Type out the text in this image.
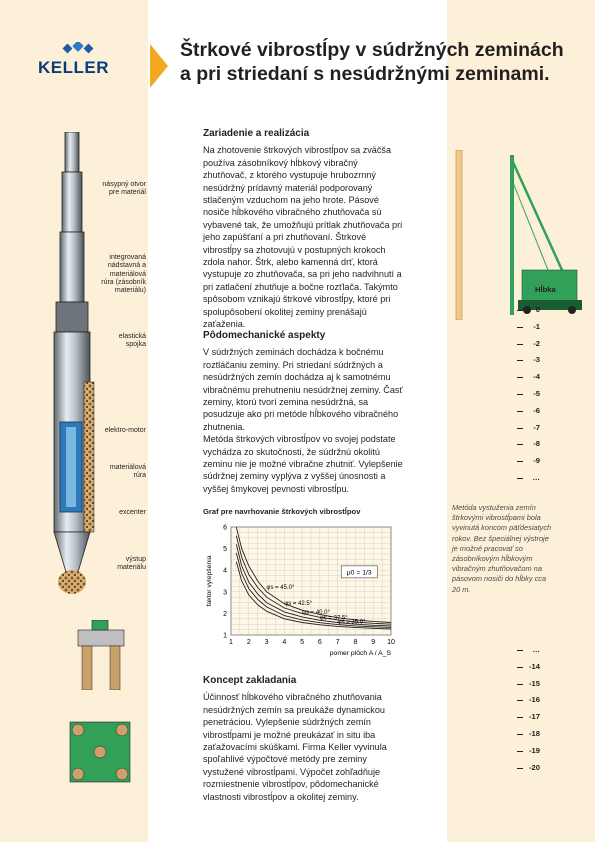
KELLER
Štrkové vibrostĺpy v súdržných zeminách
a pri striedaní s nesúdržnými zeminami.
násypný otvor pre materiál
integrovaná nádstavná a materiálová rúra (zásobník materiálu)
elastická spojka
elektro-motor
materiálová rúra
excenter
výstup materiálu
Zariadenie a realizácia

Na zhotovenie štrkových vibrostĺpov sa zväčša používa zásobníkový hĺbkový vibračný zhutňovač, z ktorého vystupuje hrubozrnný nesúdržný prídavný materiál podporovaný stlačeným vzduchom na jeho hrote. Pásové nosiče hĺbkového vibračného zhutňovača sú vybavené tak, že umožňujú prítlak zhutňovača pri jeho zapúšťaní a pri zhutňovaní. Štrkové vibrostĺpy sa zhotovujú v postupných krokoch zdola nahor. Štrk, alebo kamenná drť, ktorá vystupuje zo zhutňovača, sa pri jeho nadvihnutí a pri zatlačení zhutňuje a bočne rozťlača. Takýmto spôsobom vznikajú štrkové vibrostĺpy, ktoré pri spolupôsobení okolitej zeminy prenášajú zaťaženia.

Pôdomechanické aspekty

V súdržných zeminách dochádza k bočnému roztláčaniu zeminy. Pri striedaní súdržných a nesúdržných zemín dochádza aj k samotnému vibračnému prehutneniu nesúdržnej zeminy. Časť zeminy, ktorú tvorí zemina nesúdržná, sa posudzuje ako pri metóde hĺbkového vibračného zhutnenia.

Metóda štrkových vibrostĺpov vo svojej podstate vychádza zo skutočnosti, že súdržnú okolitú zeminu nie je možné vibračne zhutniť. Vylepšenie súdržnej zeminy vyplýva z vyššej únosnosti a vyššej šmykovej pevnosti vibrostĺpu.

Koncept zakladania

Účinnosť hĺbkového vibračného zhutňovania nesúdržných zemín sa preukáže dynamickou penetráciou. Vylepšenie súdržných zemín vibrostĺpami je možné preukázať in situ iba zaťažovacími skúškami. Firma Keller vyvinula spoľahlivé výpočtové metódy pre zeminy vystužené vibrostĺpami. Výpočet zohľadňuje rozmiestnenie vibrostĺpov, pôdomechanické vlastnosti vibrostĺpov a okolitej zeminy.

Graf pre navrhovanie štrkových vibrostĺpov
1 2 3 4 5 6 7 8 9 10
1
2
3
4
5
6
φs = 45.0°
φs = 42.5°
φs = 40.0°
φs = 37.5°
φs = 35.0°
μ0 = 1/3
pomer plôch A / A_S
faktor vylepšenia
Hĺbka
0
-1
-2
-3
-4
-5
-6
-7
-8
-9
…
…
-14
-15
-16
-17
-18
-19
-20
Metóda vystuženia zemín štrkovými vibrostĺpami bola vyvinutá koncom päťdesiatych rokov. Bez špeciálnej výstroje je možné pracovať so zásobníkovým hĺbkovým vibračným zhutňovačom na pásovom nosiči do hĺbky cca 20 m.
